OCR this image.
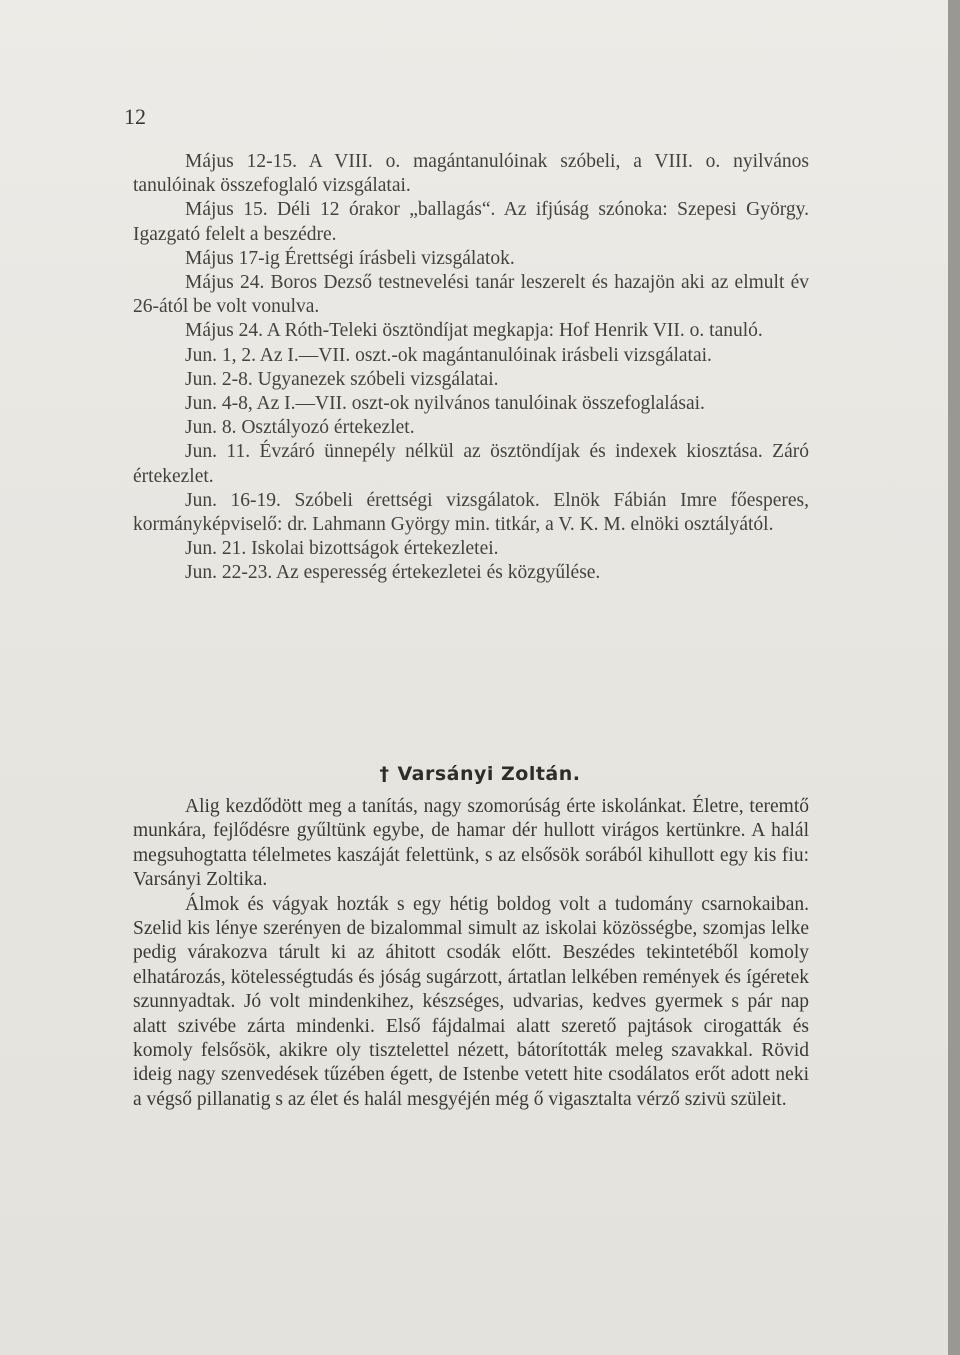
12

Május 12-15. A VIII. o. magántanulóinak szóbeli, a VIII. o. nyilvános tanulóinak összefoglaló vizsgálatai.

Május 15. Déli 12 órakor „ballagás“. Az ifjúság szónoka: Szepesi György. Igazgató felelt a beszédre.

Május 17-ig Érettségi írásbeli vizsgálatok.

Május 24. Boros Dezső testnevelési tanár leszerelt és hazajön aki az elmult év 26-ától be volt vonulva.

Május 24. A Róth-Teleki ösztöndíjat megkapja: Hof Henrik VII. o. tanuló.

Jun. 1, 2. Az I.—VII. oszt.-ok magántanulóinak irásbeli vizsgálatai.

Jun. 2-8. Ugyanezek szóbeli vizsgálatai.

Jun. 4-8, Az I.—VII. oszt-ok nyilvános tanulóinak összefoglalásai.

Jun. 8. Osztályozó értekezlet.

Jun. 11. Évzáró ünnepély nélkül az ösztöndíjak és indexek kiosztása. Záró értekezlet.

Jun. 16-19. Szóbeli érettségi vizsgálatok. Elnök Fábián Imre főesperes, kormányképviselő: dr. Lahmann György min. titkár, a V. K. M. elnöki osztályától.

Jun. 21. Iskolai bizottságok értekezletei.

Jun. 22-23. Az esperesség értekezletei és közgyűlése.

† Varsányi Zoltán.

Alig kezdődött meg a tanítás, nagy szomorúság érte iskolánkat. Életre, teremtő munkára, fejlődésre gyűltünk egybe, de hamar dér hullott virágos kertünkre. A halál megsuhogtatta télelmetes kaszáját felettünk, s az elsősök sorából kihullott egy kis fiu: Varsányi Zoltika.

Álmok és vágyak hozták s egy hétig boldog volt a tudomány csarnokaiban. Szelid kis lénye szerényen de bizalommal simult az iskolai közösségbe, szomjas lelke pedig várakozva tárult ki az áhitott csodák előtt. Beszédes tekintetéből komoly elhatározás, kötelességtudás és jóság sugárzott, ártatlan lelkében remények és ígéretek szunnyadtak. Jó volt mindenkihez, készséges, udvarias, kedves gyermek s pár nap alatt szivébe zárta mindenki. Első fájdalmai alatt szerető pajtások cirogatták és komoly felsősök, akikre oly tisztelettel nézett, bátorították meleg szavakkal. Rövid ideig nagy szenvedések tűzében égett, de Istenbe vetett hite csodálatos erőt adott neki a végső pillanatig s az élet és halál mesgyéjén még ő vigasztalta vérző szivü szüleit.
